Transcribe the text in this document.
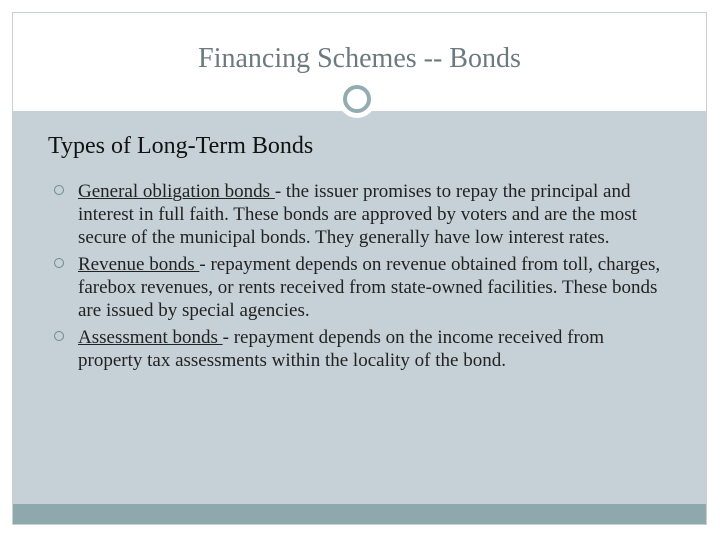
Financing Schemes -- Bonds
Types of Long-Term Bonds
General obligation bonds - the issuer promises to repay the principal and interest in full faith. These bonds are approved by voters and are the most secure of the municipal bonds. They generally have low interest rates.
Revenue bonds - repayment depends on revenue obtained from toll, charges, farebox revenues, or rents received from state-owned facilities. These bonds are issued by special agencies.
Assessment bonds - repayment depends on the income received from property tax assessments within the locality of the bond.
